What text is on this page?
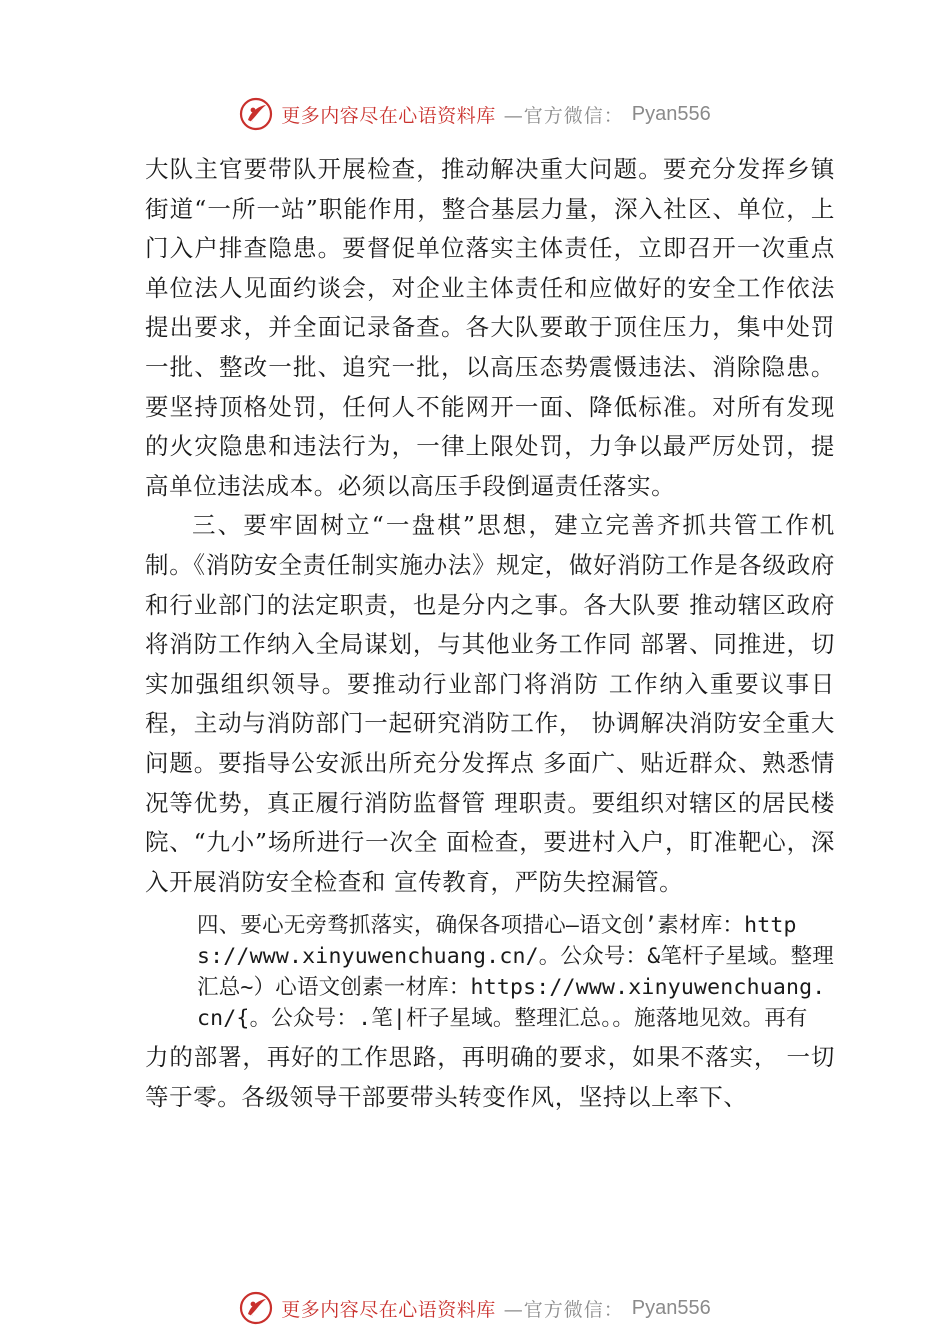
更多内容尽在心语资料库 —官方微信： Pyan556

大队主官要带队开展检查，推动解决重大问题。要充分发挥乡镇街道“一所一站”职能作用，整合基层力量，深入社区、单位，上门入户排查隐患。要督促单位落实主体责任，立即召开一次重点单位法人见面约谈会，对企业主体责任和应做好的安全工作依法提出要求，并全面记录备查。各大队要敢于顶住压力，集中处罚一批、整改一批、追究一批，以高压态势震慑违法、消除隐患。要坚持顶格处罚，任何人不能网开一面、降低标准。对所有发现的火灾隐患和违法行为，一律上限处罚，力争以最严厉处罚，提高单位违法成本。必须以高压手段倒逼责任落实。

三、要牢固树立“一盘棋”思想，建立完善齐抓共管工作机制。《消防安全责任制实施办法》规定，做好消防工作是各级政府和行业部门的法定职责，也是分内之事。各大队要 推动辖区政府将消防工作纳入全局谋划，与其他业务工作同 部署、同推进，切实加强组织领导。要推动行业部门将消防 工作纳入重要议事日程，主动与消防部门一起研究消防工作， 协调解决消防安全重大问题。要指导公安派出所充分发挥点 多面广、贴近群众、熟悉情况等优势，真正履行消防监督管 理职责。要组织对辖区的居民楼院、“九小”场所进行一次全 面检查，要进村入户，盯准靶心，深入开展消防安全检查和 宣传教育，严防失控漏管。

四、要心无旁骛抓落实，确保各项措心—语文创’素材库：https://www.xinyuwenchuang.cn/。公众号：&笔杆子星域。整理汇总~）心语文创素一材库：https://www.xinyuwenchuang.cn/{。公众号：.笔|杆子星域。整理汇总。。施落地见效。再有

力的部署，再好的工作思路，再明确的要求，如果不落实， 一切等于零。各级领导干部要带头转变作风，坚持以上率下、

更多内容尽在心语资料库 —官方微信： Pyan556
